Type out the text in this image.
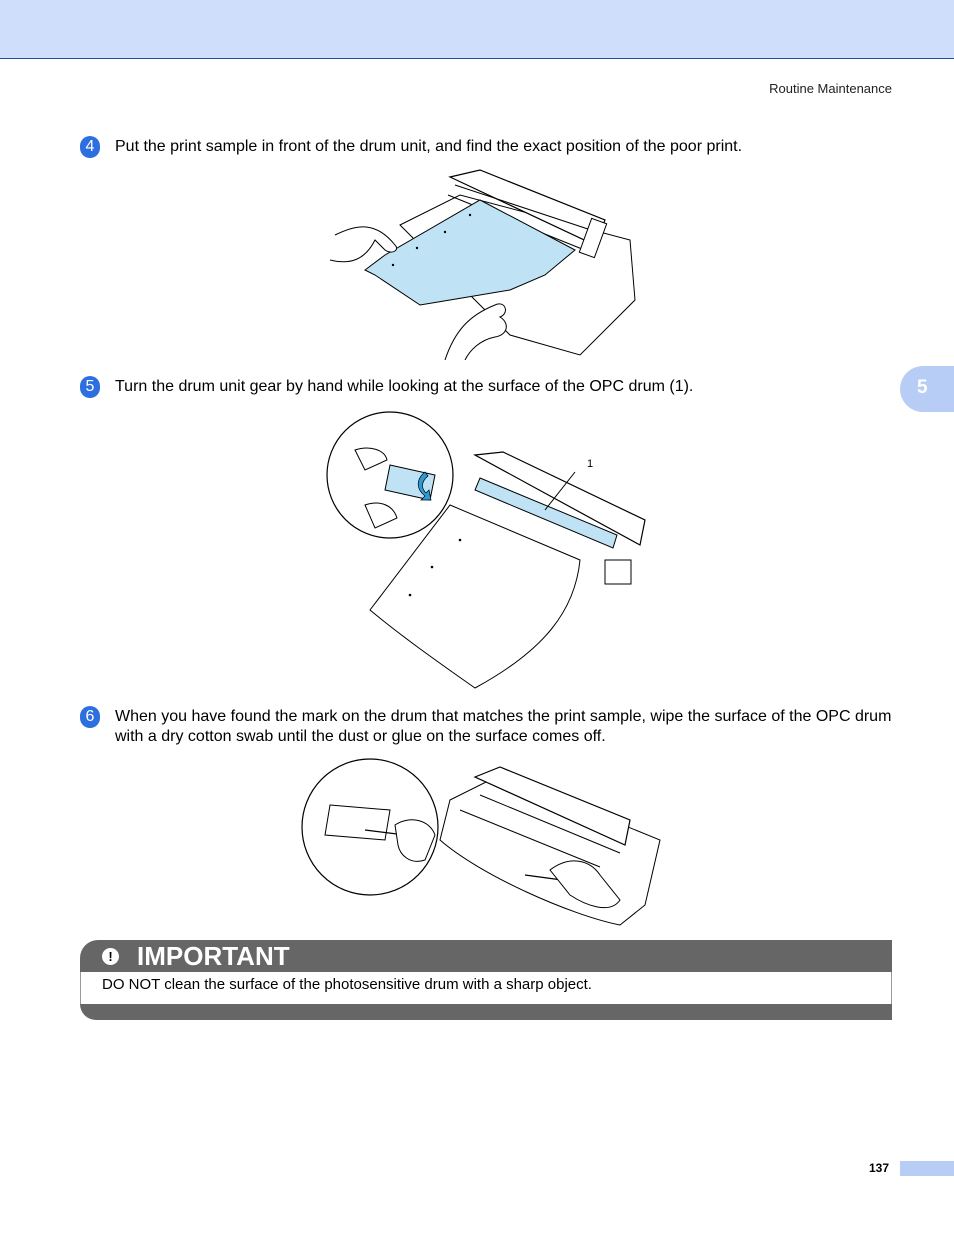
Routine Maintenance
5
4	Put the print sample in front of the drum unit, and find the exact position of the poor print.
5	Turn the drum unit gear by hand while looking at the surface of the OPC drum (1).
1
6	When you have found the mark on the drum that matches the print sample, wipe the surface of the OPC drum with a dry cotton swab until the dust or glue on the surface comes off.
! IMPORTANT
DO NOT clean the surface of the photosensitive drum with a sharp object.
137
